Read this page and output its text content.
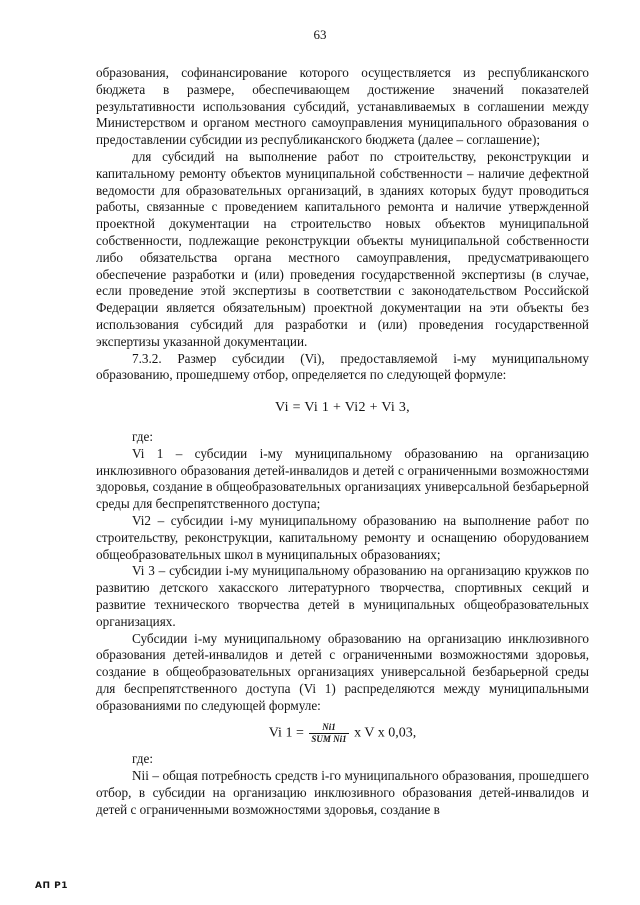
63

образования, софинансирование которого осуществляется из республиканского бюджета в размере, обеспечивающем достижение значений показателей результативности использования субсидий, устанавливаемых в соглашении между Министерством и органом местного самоуправления муниципального образования о предоставлении субсидии из республиканского бюджета (далее – соглашение);

для субсидий на выполнение работ по строительству, реконструкции и капитальному ремонту объектов муниципальной собственности – наличие дефектной ведомости для образовательных организаций, в зданиях которых будут проводиться работы, связанные с проведением капитального ремонта и наличие утвержденной проектной документации на строительство новых объектов муниципальной собственности, подлежащие реконструкции объекты муниципальной собственности либо обязательства органа местного самоуправления, предусматривающего обеспечение разработки и (или) проведения государственной экспертизы (в случае, если проведение этой экспертизы в соответствии с законодательством Российской Федерации является обязательным) проектной документации на эти объекты без использования субсидий для разработки и (или) проведения государственной экспертизы указанной документации.

7.3.2. Размер субсидии (Vi), предоставляемой i-му муниципальному образованию, прошедшему отбор, определяется по следующей формуле:

Vi = Vi 1 + Vi2 + Vi 3,

где:

Vi 1 – субсидии i-му муниципальному образованию на организацию инклюзивного образования детей-инвалидов и детей с ограниченными возможностями здоровья, создание в общеобразовательных организациях универсальной безбарьерной среды для беспрепятственного доступа;

Vi2 – субсидии i-му муниципальному образованию на выполнение работ по строительству, реконструкции, капитальному ремонту и оснащению оборудованием общеобразовательных школ в муниципальных образованиях;

Vi 3 – субсидии i-му муниципальному образованию на организацию кружков по развитию детского хакасского литературного творчества, спортивных секций и развитие технического творчества детей в муниципальных общеобразовательных организациях.

Субсидии i-му муниципальному образованию на организацию инклюзивного образования детей-инвалидов и детей с ограниченными возможностями здоровья, создание в общеобразовательных организациях универсальной безбарьерной среды для беспрепятственного доступа (Vi 1) распределяются между муниципальными образованиями по следующей формуле:

Vi $1 = \frac{Ni1}{\text{SUM Ni1}}$ x V x 0,03,

где:

Nii – общая потребность средств i-го муниципального образования, прошедшего отбор, в субсидии на организацию инклюзивного образования детей-инвалидов и детей с ограниченными возможностями здоровья, создание в

АП Р1
